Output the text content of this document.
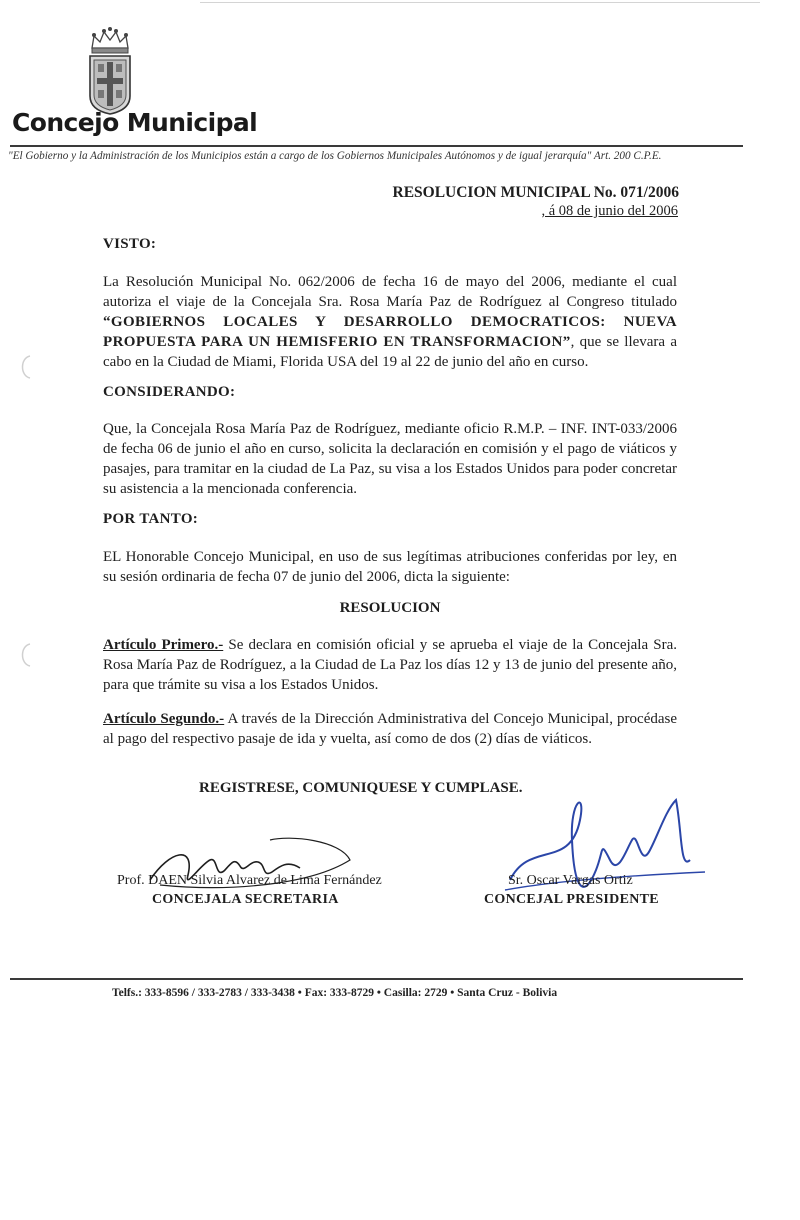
Concejo Municipal
"El Gobierno y la Administración de los Municipios están a cargo de los Gobiernos Municipales Autónomos y de igual jerarquía" Art. 200 C.P.E.
RESOLUCION MUNICIPAL No. 071/2006
, á 08 de junio del 2006
VISTO:
La Resolución Municipal No. 062/2006 de fecha 16 de mayo del 2006, mediante el cual autoriza el viaje de la Concejala Sra. Rosa María Paz de Rodríguez al Congreso titulado “GOBIERNOS LOCALES Y DESARROLLO DEMOCRATICOS: NUEVA PROPUESTA PARA UN HEMISFERIO EN TRANSFORMACION”, que se llevara a cabo en la Ciudad de Miami, Florida USA del 19 al 22 de junio del año en curso.
CONSIDERANDO:
Que, la Concejala Rosa María Paz de Rodríguez, mediante oficio R.M.P. – INF. INT-033/2006 de fecha 06 de junio el año en curso, solicita la declaración en comisión y el pago de viáticos y pasajes, para tramitar en la ciudad de La Paz, su visa a los Estados Unidos para poder concretar su asistencia a la mencionada conferencia.
POR TANTO:
EL Honorable Concejo Municipal, en uso de sus legítimas atribuciones conferidas por ley, en su sesión ordinaria de fecha 07 de junio del 2006, dicta la siguiente:
RESOLUCION
Artículo Primero.- Se declara en comisión oficial y se aprueba el viaje de la Concejala Sra. Rosa María Paz de Rodríguez, a la Ciudad de La Paz los días 12 y 13 de junio del presente año, para que trámite su visa a los Estados Unidos.
Artículo Segundo.- A través de la Dirección Administrativa del Concejo Municipal, procédase al pago del respectivo pasaje de ida y vuelta, así como de dos (2) días de viáticos.
REGISTRESE, COMUNIQUESE Y CUMPLASE.
Prof. DAEN Silvia Alvarez de Lima Fernández
CONCEJALA SECRETARIA
Sr. Oscar Vargas Ortiz
CONCEJAL PRESIDENTE
Telfs.: 333-8596 / 333-2783 / 333-3438 • Fax: 333-8729 • Casilla: 2729 • Santa Cruz - Bolivia
